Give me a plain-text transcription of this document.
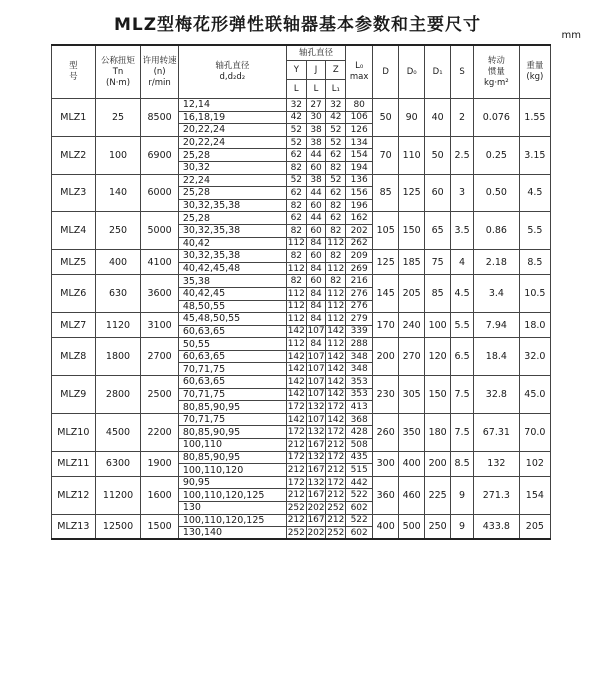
MLZ型梅花形弹性联轴器基本参数和主要尺寸
mm
型
号	公称扭矩
Tn
(N·m)	许用转速
(n)
r/min	轴孔直径
d,d₂d₂	轴孔直径			L₀
max	D	D₀	D₁	S	转动
惯量
kg·m²	重量
(kg)

				Y	J	Z							
				L	L	L₁							
MLZ1	25	8500	12,14	32	27	32	80	50	90	40	2	0.076	1.55
			16,18,19	42	30	42	106						
			20,22,24	52	38	52	126						
MLZ2	100	6900	20,22,24	52	38	52	134	70	110	50	2.5	0.25	3.15
			25,28	62	44	62	154						
			30,32	82	60	82	194						
MLZ3	140	6000	22,24	52	38	52	136	85	125	60	3	0.50	4.5
			25,28	62	44	62	156						
			30,32,35,38	82	60	82	196						
MLZ4	250	5000	25,28	62	44	62	162	105	150	65	3.5	0.86	5.5
			30,32,35,38	82	60	82	202						
			40,42	112	84	112	262						
MLZ5	400	4100	30,32,35,38	82	60	82	209	125	185	75	4	2.18	8.5
			40,42,45,48	112	84	112	269						
MLZ6	630	3600	35,38	82	60	82	216	145	205	85	4.5	3.4	10.5
			40,42,45	112	84	112	276						
			48,50,55	112	84	112	276						
MLZ7	1120	3100	45,48,50,55	112	84	112	279	170	240	100	5.5	7.94	18.0
			60,63,65	142	107	142	339						
MLZ8	1800	2700	50,55	112	84	112	288	200	270	120	6.5	18.4	32.0
			60,63,65	142	107	142	348						
			70,71,75	142	107	142	348						
MLZ9	2800	2500	60,63,65	142	107	142	353	230	305	150	7.5	32.8	45.0
			70,71,75	142	107	142	353						
			80,85,90,95	172	132	172	413						
MLZ10	4500	2200	70,71,75	142	107	142	368	260	350	180	7.5	67.31	70.0
			80,85,90,95	172	132	172	428						
			100,110	212	167	212	508						
MLZ11	6300	1900	80,85,90,95	172	132	172	435	300	400	200	8.5	132	102
			100,110,120	212	167	212	515						
MLZ12	11200	1600	90,95	172	132	172	442	360	460	225	9	271.3	154
			100,110,120,125	212	167	212	522						
			130	252	202	252	602						
MLZ13	12500	1500	100,110,120,125	212	167	212	522	400	500	250	9	433.8	205
			130,140	252	202	252	602						
